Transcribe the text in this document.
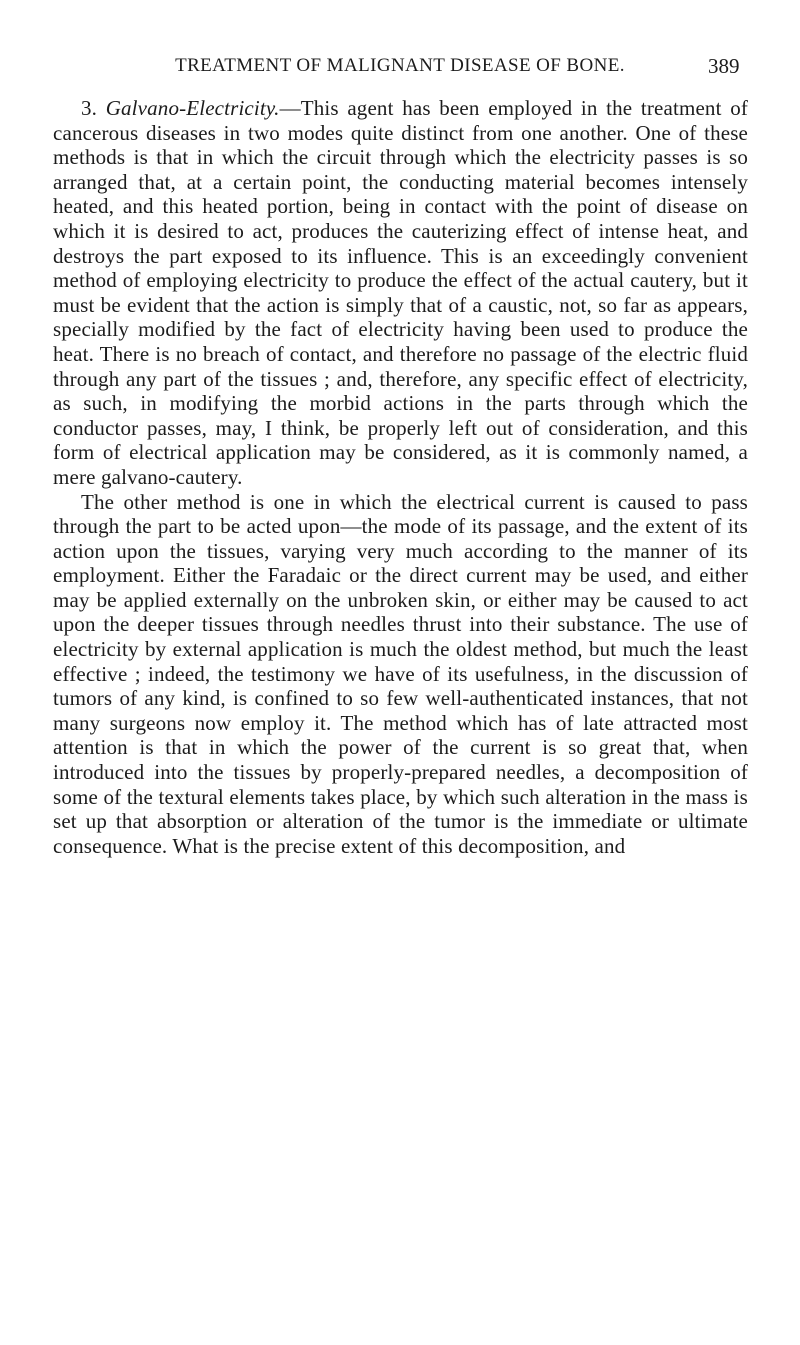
TREATMENT OF MALIGNANT DISEASE OF BONE.	389

3. Galvano-Electricity.—This agent has been employed in the treatment of cancerous diseases in two modes quite distinct from one another. One of these methods is that in which the circuit through which the electricity passes is so arranged that, at a certain point, the conducting material becomes intensely heated, and this heated portion, being in contact with the point of disease on which it is desired to act, produces the cauterizing effect of intense heat, and destroys the part exposed to its influence. This is an exceedingly convenient method of employing electricity to produce the effect of the actual cautery, but it must be evident that the action is simply that of a caustic, not, so far as appears, specially modified by the fact of electricity having been used to produce the heat. There is no breach of contact, and therefore no passage of the electric fluid through any part of the tissues ; and, therefore, any specific effect of electricity, as such, in modifying the morbid actions in the parts through which the conductor passes, may, I think, be properly left out of consideration, and this form of electrical application may be considered, as it is commonly named, a mere galvano-cautery.

The other method is one in which the electrical current is caused to pass through the part to be acted upon—the mode of its passage, and the extent of its action upon the tissues, varying very much according to the manner of its employment. Either the Faradaic or the direct current may be used, and either may be applied externally on the unbroken skin, or either may be caused to act upon the deeper tissues through needles thrust into their substance. The use of electricity by external application is much the oldest method, but much the least effective ; indeed, the testimony we have of its usefulness, in the discussion of tumors of any kind, is confined to so few well-authenticated instances, that not many surgeons now employ it. The method which has of late attracted most attention is that in which the power of the current is so great that, when introduced into the tissues by properly-prepared needles, a decomposition of some of the textural elements takes place, by which such alteration in the mass is set up that absorption or alteration of the tumor is the immediate or ultimate consequence. What is the precise extent of this decomposition, and
